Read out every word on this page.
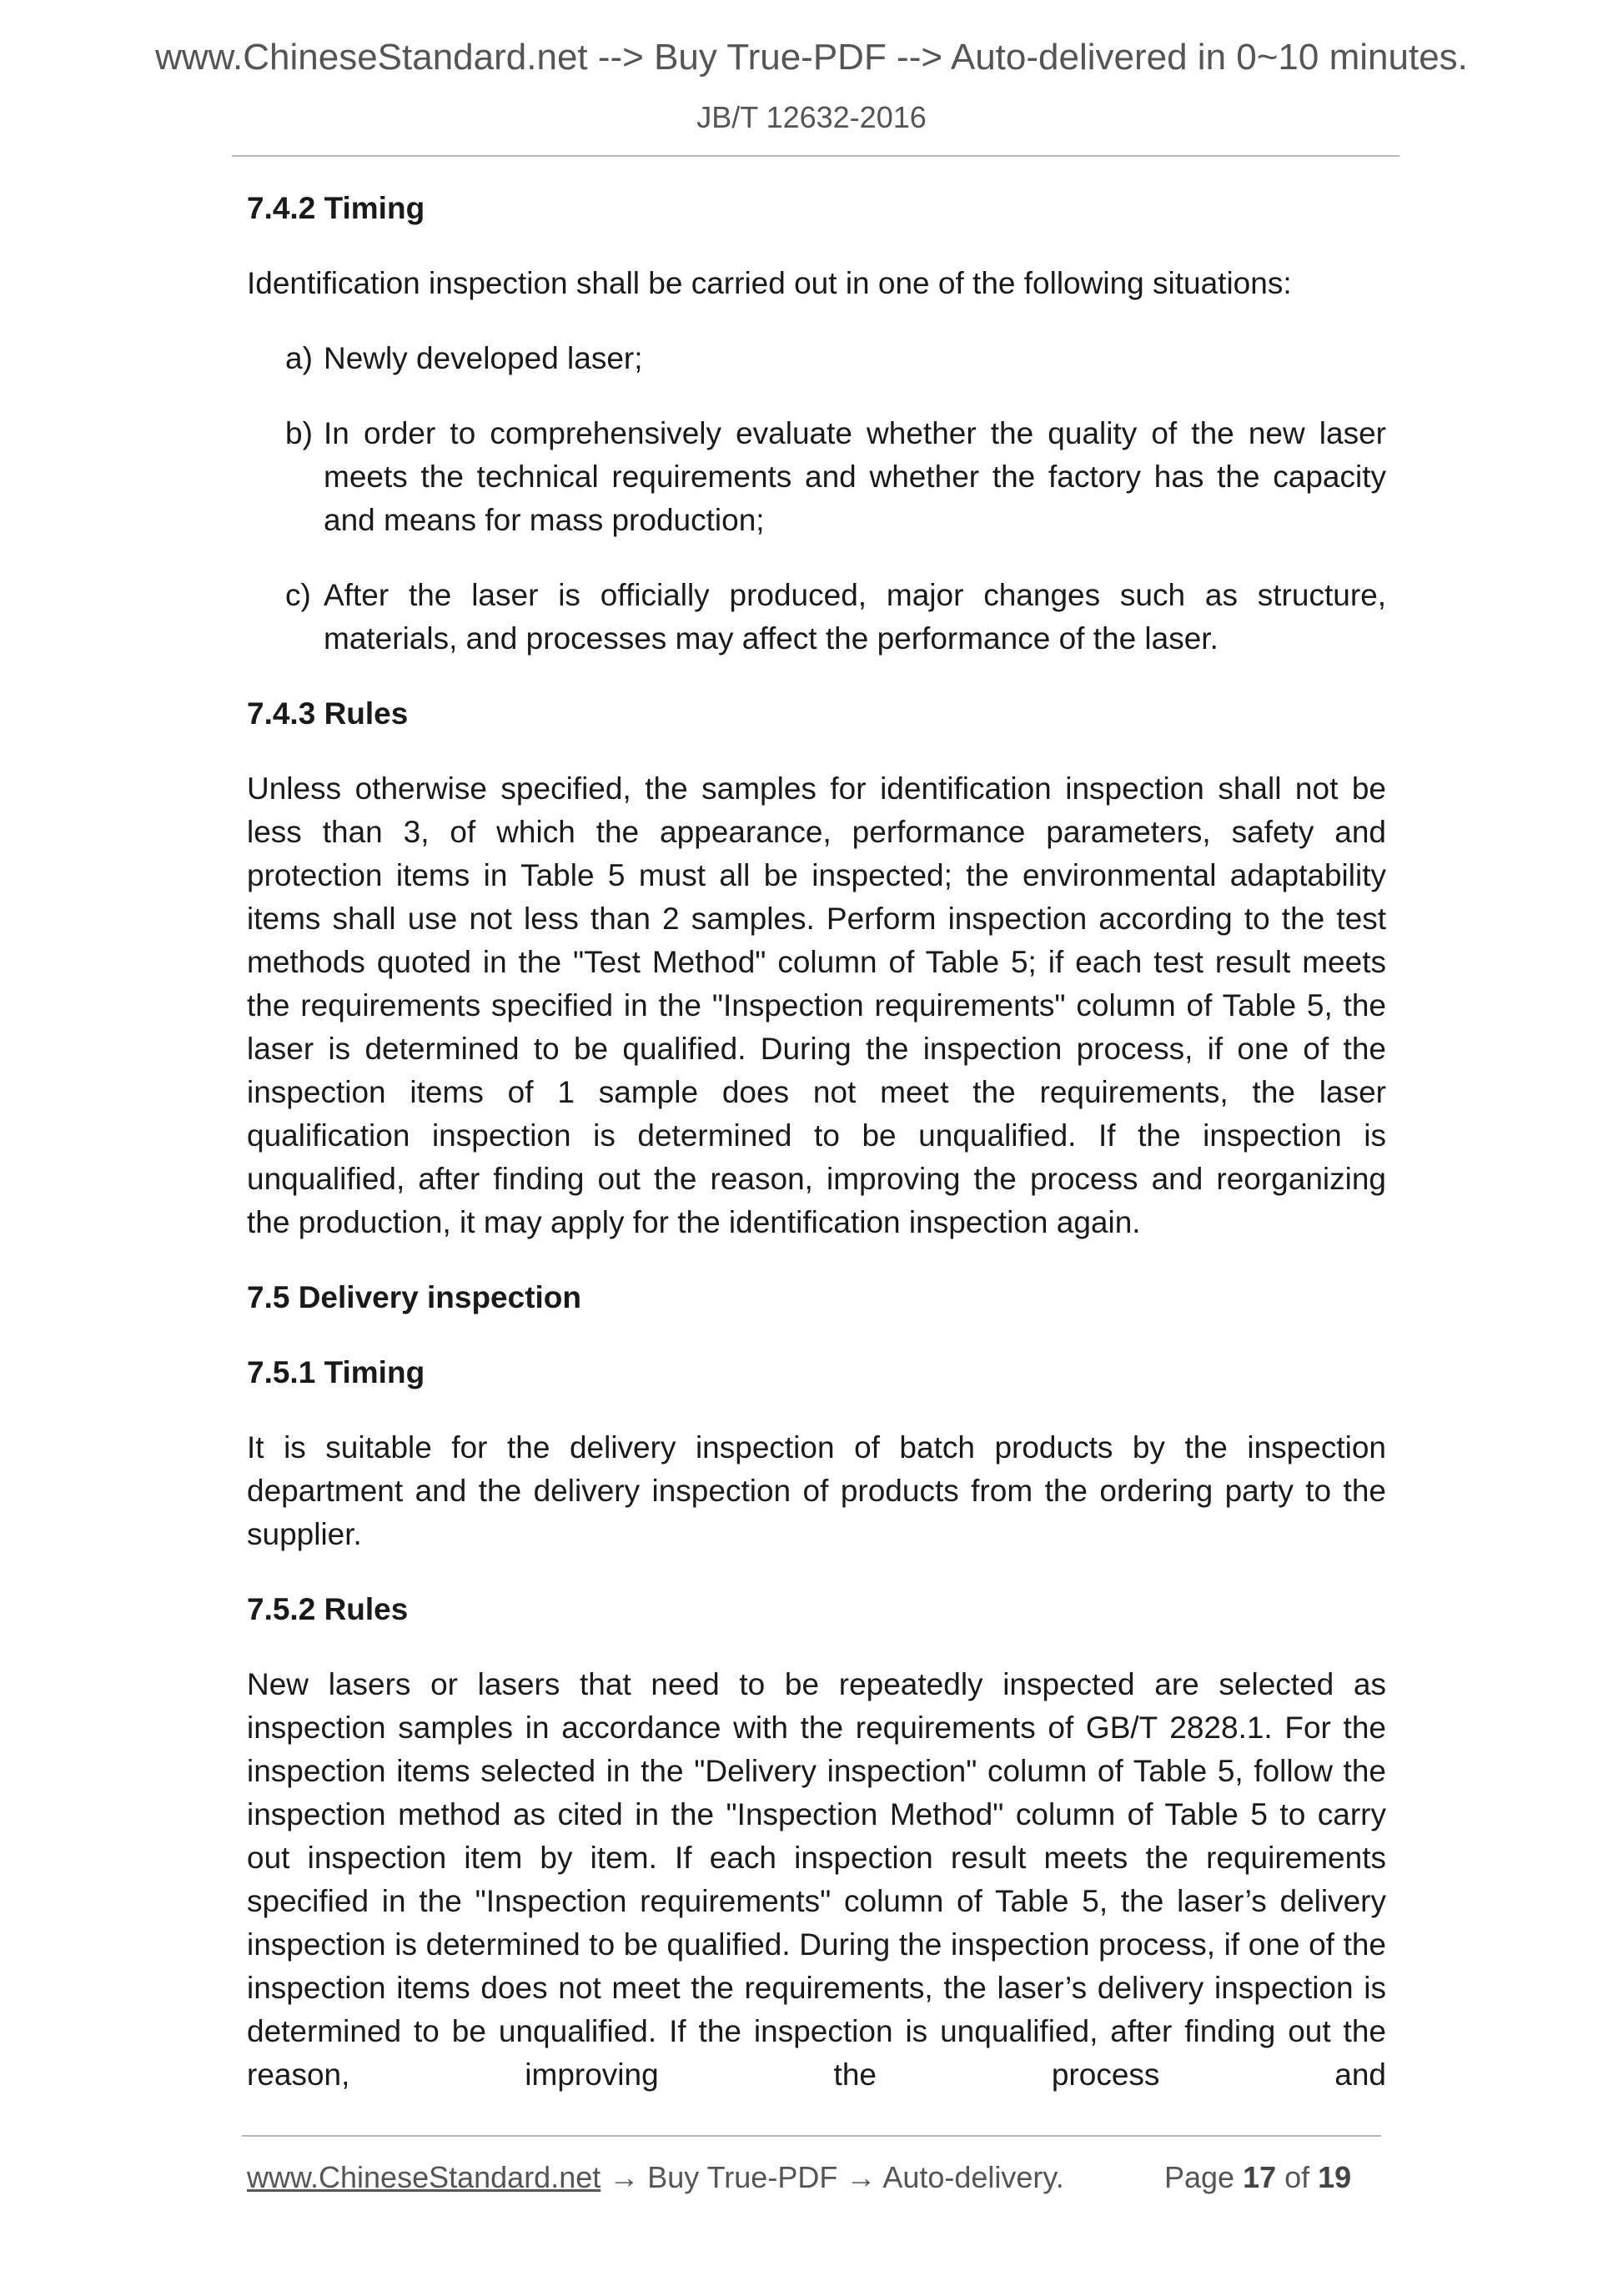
www.ChineseStandard.net --> Buy True-PDF --> Auto-delivered in 0~10 minutes.
JB/T 12632-2016
7.4.2 Timing
Identification inspection shall be carried out in one of the following situations:
a) Newly developed laser;
b) In order to comprehensively evaluate whether the quality of the new laser meets the technical requirements and whether the factory has the capacity and means for mass production;
c) After the laser is officially produced, major changes such as structure, materials, and processes may affect the performance of the laser.
7.4.3 Rules
Unless otherwise specified, the samples for identification inspection shall not be less than 3, of which the appearance, performance parameters, safety and protection items in Table 5 must all be inspected; the environmental adaptability items shall use not less than 2 samples. Perform inspection according to the test methods quoted in the "Test Method" column of Table 5; if each test result meets the requirements specified in the "Inspection requirements" column of Table 5, the laser is determined to be qualified. During the inspection process, if one of the inspection items of 1 sample does not meet the requirements, the laser qualification inspection is determined to be unqualified. If the inspection is unqualified, after finding out the reason, improving the process and reorganizing the production, it may apply for the identification inspection again.
7.5 Delivery inspection
7.5.1 Timing
It is suitable for the delivery inspection of batch products by the inspection department and the delivery inspection of products from the ordering party to the supplier.
7.5.2 Rules
New lasers or lasers that need to be repeatedly inspected are selected as inspection samples in accordance with the requirements of GB/T 2828.1. For the inspection items selected in the "Delivery inspection" column of Table 5, follow the inspection method as cited in the "Inspection Method" column of Table 5 to carry out inspection item by item. If each inspection result meets the requirements specified in the "Inspection requirements" column of Table 5, the laser’s delivery inspection is determined to be qualified. During the inspection process, if one of the inspection items does not meet the requirements, the laser’s delivery inspection is determined to be unqualified. If the inspection is unqualified, after finding out the reason, improving the process and
www.ChineseStandard.net → Buy True-PDF → Auto-delivery.	Page 17 of 19
